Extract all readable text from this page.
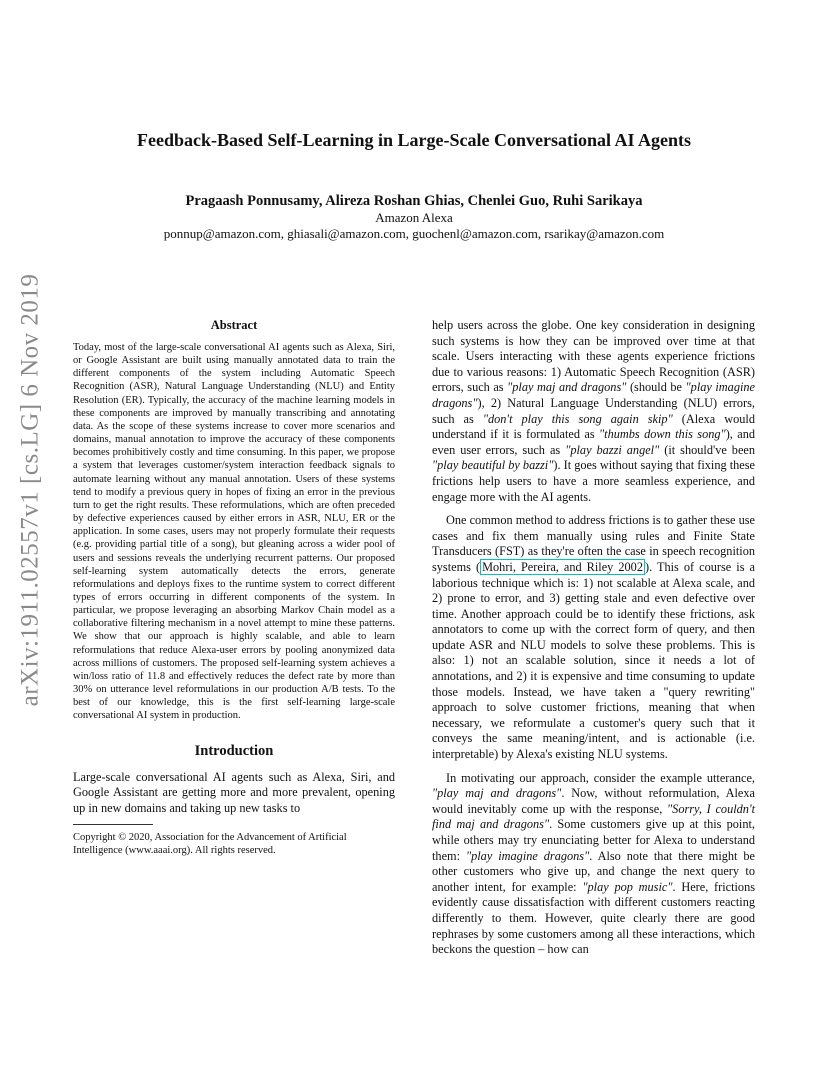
arXiv:1911.02557v1 [cs.LG] 6 Nov 2019
Feedback-Based Self-Learning in Large-Scale Conversational AI Agents
Pragaash Ponnusamy, Alireza Roshan Ghias, Chenlei Guo, Ruhi Sarikaya
Amazon Alexa
ponnup@amazon.com, ghiasali@amazon.com, guochenl@amazon.com, rsarikay@amazon.com
Abstract

Today, most of the large-scale conversational AI agents such as Alexa, Siri, or Google Assistant are built using manually annotated data to train the different components of the system including Automatic Speech Recognition (ASR), Natural Language Understanding (NLU) and Entity Resolution (ER). Typically, the accuracy of the machine learning models in these components are improved by manually transcribing and annotating data. As the scope of these systems increase to cover more scenarios and domains, manual annotation to improve the accuracy of these components becomes prohibitively costly and time consuming. In this paper, we propose a system that leverages customer/system interaction feedback signals to automate learning without any manual annotation. Users of these systems tend to modify a previous query in hopes of fixing an error in the previous turn to get the right results. These reformulations, which are often preceded by defective experiences caused by either errors in ASR, NLU, ER or the application. In some cases, users may not properly formulate their requests (e.g. providing partial title of a song), but gleaning across a wider pool of users and sessions reveals the underlying recurrent patterns. Our proposed self-learning system automatically detects the errors, generate reformulations and deploys fixes to the runtime system to correct different types of errors occurring in different components of the system. In particular, we propose leveraging an absorbing Markov Chain model as a collaborative filtering mechanism in a novel attempt to mine these patterns. We show that our approach is highly scalable, and able to learn reformulations that reduce Alexa-user errors by pooling anonymized data across millions of customers. The proposed self-learning system achieves a win/loss ratio of 11.8 and effectively reduces the defect rate by more than 30% on utterance level reformulations in our production A/B tests. To the best of our knowledge, this is the first self-learning large-scale conversational AI system in production.

Introduction

Large-scale conversational AI agents such as Alexa, Siri, and Google Assistant are getting more and more prevalent, opening up in new domains and taking up new tasks to

Copyright © 2020, Association for the Advancement of Artificial Intelligence (www.aaai.org). All rights reserved.

help users across the globe. One key consideration in designing such systems is how they can be improved over time at that scale. Users interacting with these agents experience frictions due to various reasons: 1) Automatic Speech Recognition (ASR) errors, such as "play maj and dragons" (should be "play imagine dragons"), 2) Natural Language Understanding (NLU) errors, such as "don't play this song again skip" (Alexa would understand if it is formulated as "thumbs down this song"), and even user errors, such as "play bazzi angel" (it should've been "play beautiful by bazzi"). It goes without saying that fixing these frictions help users to have a more seamless experience, and engage more with the AI agents.

One common method to address frictions is to gather these use cases and fix them manually using rules and Finite State Transducers (FST) as they're often the case in speech recognition systems ( Mohri, Pereira, and Riley 2002 ). This of course is a laborious technique which is: 1) not scalable at Alexa scale, and 2) prone to error, and 3) getting stale and even defective over time. Another approach could be to identify these frictions, ask annotators to come up with the correct form of query, and then update ASR and NLU models to solve these problems. This is also: 1) not an scalable solution, since it needs a lot of annotations, and 2) it is expensive and time consuming to update those models. Instead, we have taken a "query rewriting" approach to solve customer frictions, meaning that when necessary, we reformulate a customer's query such that it conveys the same meaning/intent, and is actionable (i.e. interpretable) by Alexa's existing NLU systems.

In motivating our approach, consider the example utterance, "play maj and dragons". Now, without reformulation, Alexa would inevitably come up with the response, "Sorry, I couldn't find maj and dragons". Some customers give up at this point, while others may try enunciating better for Alexa to understand them: "play imagine dragons". Also note that there might be other customers who give up, and change the next query to another intent, for example: "play pop music". Here, frictions evidently cause dissatisfaction with different customers reacting differently to them. However, quite clearly there are good rephrases by some customers among all these interactions, which beckons the question – how can
